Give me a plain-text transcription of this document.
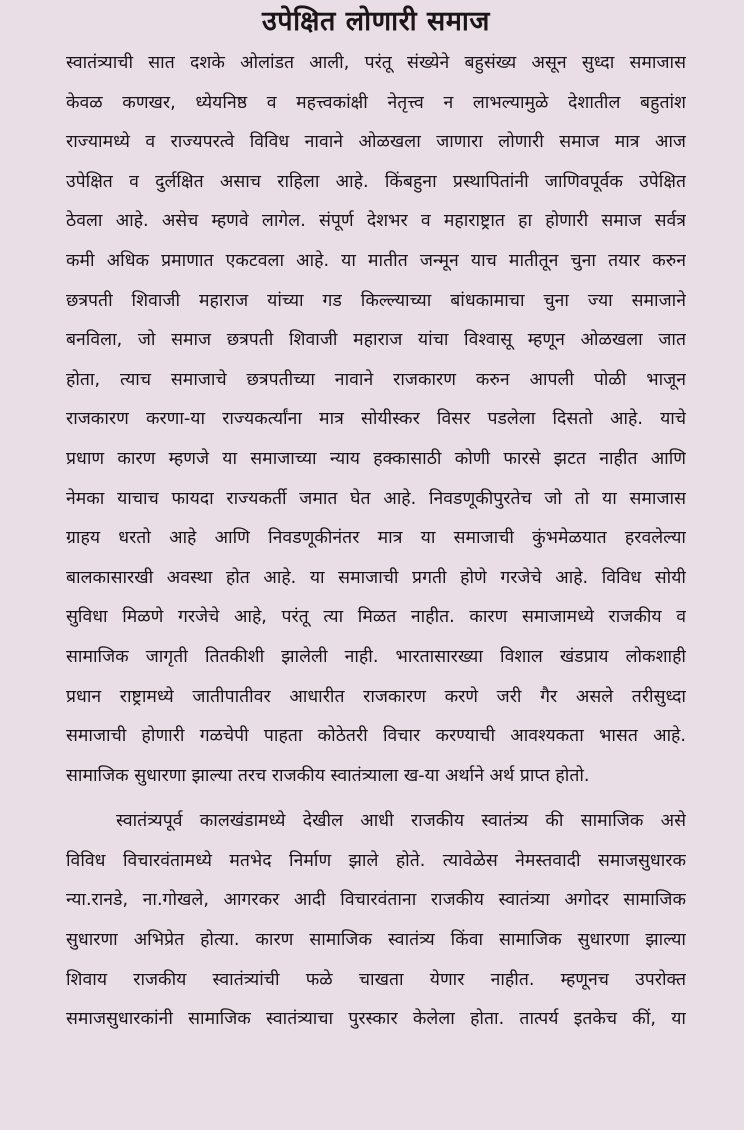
उपेक्षित लोणारी समाज
स्वातंत्र्याची सात दशके ओलांडत आली, परंतू संख्येने बहुसंख्य असून सुध्दा समाजास
केवळ कणखर, ध्येयनिष्ठ व महत्त्वकांक्षी नेतृत्त्व न लाभल्यामुळे देशातील बहुतांश
राज्यामध्ये व राज्यपरत्वे विविध नावाने ओळखला जाणारा लोणारी समाज मात्र आज
उपेक्षित व दुर्लक्षित असाच राहिला आहे. किंबहुना प्रस्थापितांनी जाणिवपूर्वक उपेक्षित
ठेवला आहे. असेच म्हणवे लागेल. संपूर्ण देशभर व महाराष्ट्रात हा होणारी समाज सर्वत्र
कमी अधिक प्रमाणात एकटवला आहे. या मातीत जन्मून याच मातीतून चुना तयार करुन
छत्रपती शिवाजी महाराज यांच्या गड किल्ल्याच्या बांधकामाचा चुना ज्या समाजाने
बनविला, जो समाज छत्रपती शिवाजी महाराज यांचा विश्वासू म्हणून ओळखला जात
होता, त्याच समाजाचे छत्रपतीच्या नावाने राजकारण करुन आपली पोळी भाजून
राजकारण करणा-या राज्यकर्त्यांना मात्र सोयीस्कर विसर पडलेला दिसतो आहे. याचे
प्रधाण कारण म्हणजे या समाजाच्या न्याय हक्कासाठी कोणी फारसे झटत नाहीत आणि
नेमका याचाच फायदा राज्यकर्ती जमात घेत आहे. निवडणूकीपुरतेच जो तो या समाजास
ग्राहय धरतो आहे आणि निवडणूकीनंतर मात्र या समाजाची कुंभमेळयात हरवलेल्या
बालकासारखी अवस्था होत आहे. या समाजाची प्रगती होणे गरजेचे आहे. विविध सोयी
सुविधा मिळणे गरजेचे आहे, परंतू त्या मिळत नाहीत. कारण समाजामध्ये राजकीय व
सामाजिक जागृती तितकीशी झालेली नाही. भारतासारख्या विशाल खंडप्राय लोकशाही
प्रधान राष्ट्रामध्ये जातीपातीवर आधारीत राजकारण करणे जरी गैर असले तरीसुध्दा
समाजाची होणारी गळचेपी पाहता कोठेतरी विचार करण्याची आवश्यकता भासत आहे.
सामाजिक सुधारणा झाल्या तरच राजकीय स्वातंत्र्याला ख-या अर्थाने अर्थ प्राप्त होतो.
स्वातंत्र्यपूर्व कालखंडामध्ये देखील आधी राजकीय स्वातंत्र्य की सामाजिक असे
विविध विचारवंतामध्ये मतभेद निर्माण झाले होते. त्यावेळेस नेमस्तवादी समाजसुधारक
न्या.रानडे, ना.गोखले, आगरकर आदी विचारवंताना राजकीय स्वातंत्र्या अगोदर सामाजिक
सुधारणा अभिप्रेत होत्या. कारण सामाजिक स्वातंत्र्य किंवा सामाजिक सुधारणा झाल्या
शिवाय राजकीय स्वातंत्र्यांची फळे चाखता येणार नाहीत. म्हणूनच उपरोक्त
समाजसुधारकांनी सामाजिक स्वातंत्र्याचा पुरस्कार केलेला होता. तात्पर्य इतकेच कीं, या
